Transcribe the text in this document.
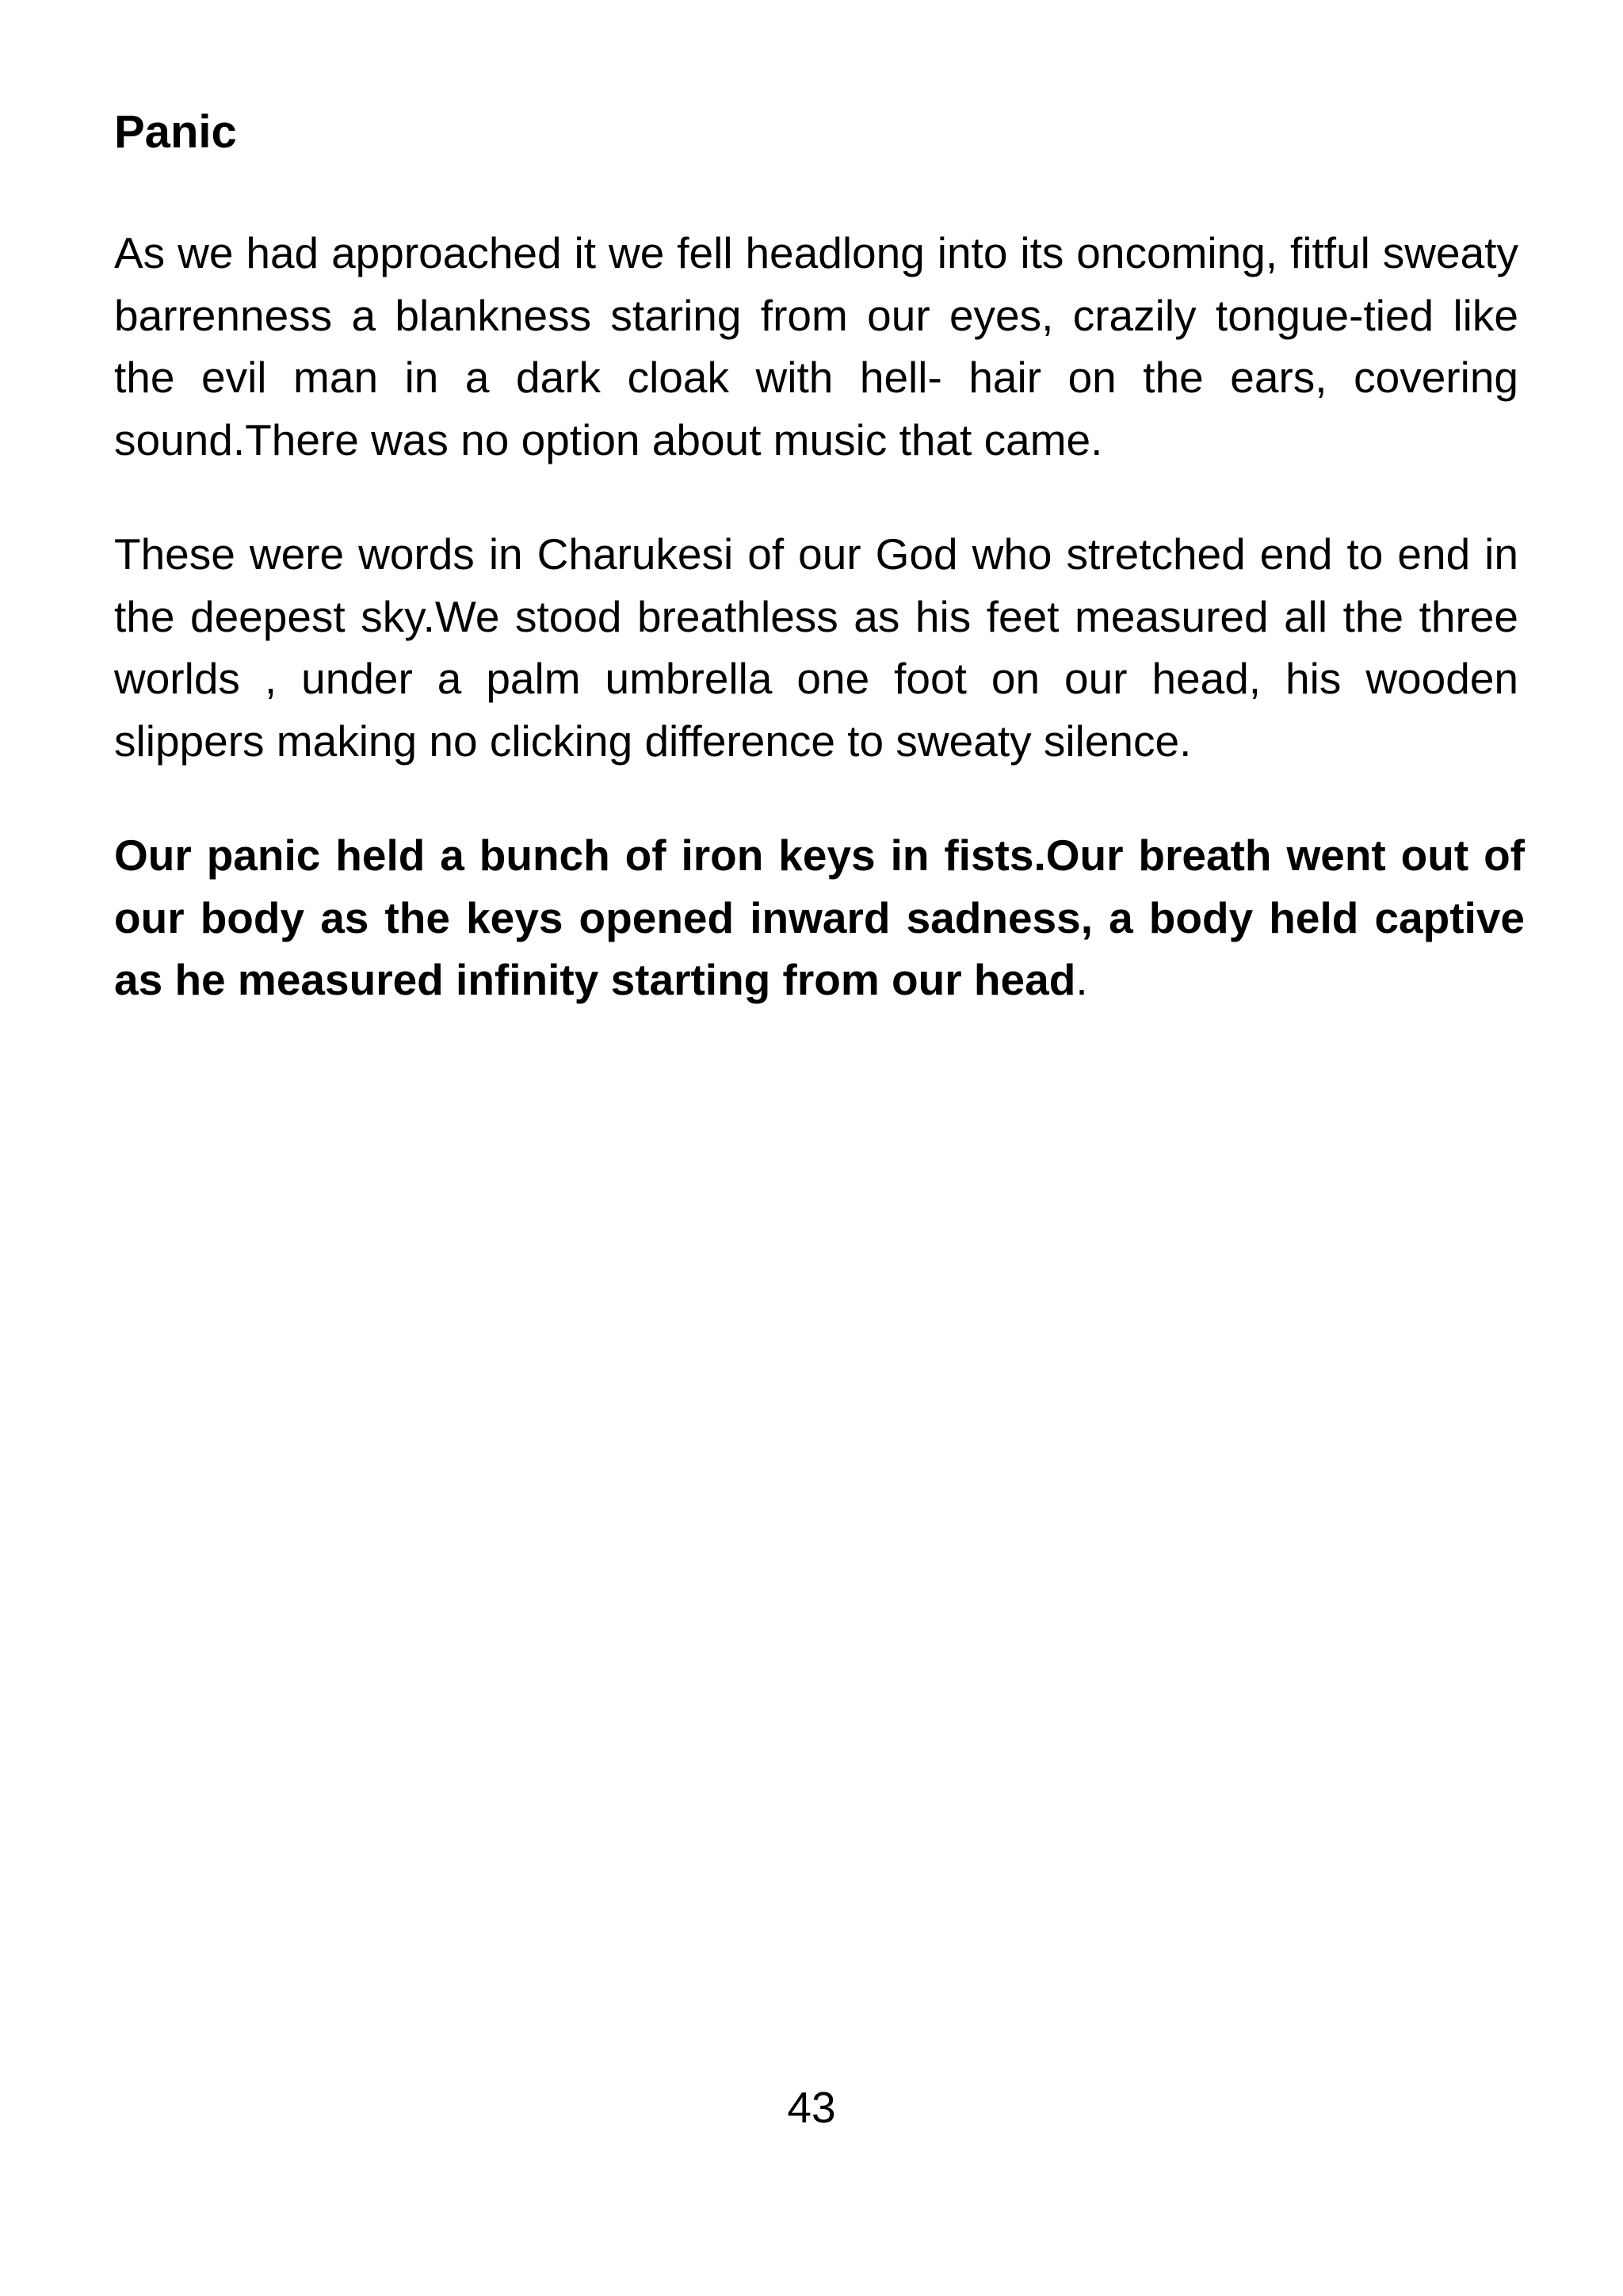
Panic

As we had approached it we fell headlong into its oncoming, fitful sweaty barrenness a blankness staring from our eyes, crazily tongue-tied like the evil man in a dark cloak with hell- hair on the ears, covering sound.There was no option about music that came.

These were words in Charukesi of our God who stretched end to end in the deepest sky.We stood breathless as his feet measured all the three worlds , under a palm umbrella one foot on our head, his wooden slippers making no clicking difference to sweaty silence.

Our panic held a bunch of iron keys in fists.Our breath went out of our body as the keys opened inward sadness, a body held captive as he measured infinity starting from our head.

43
